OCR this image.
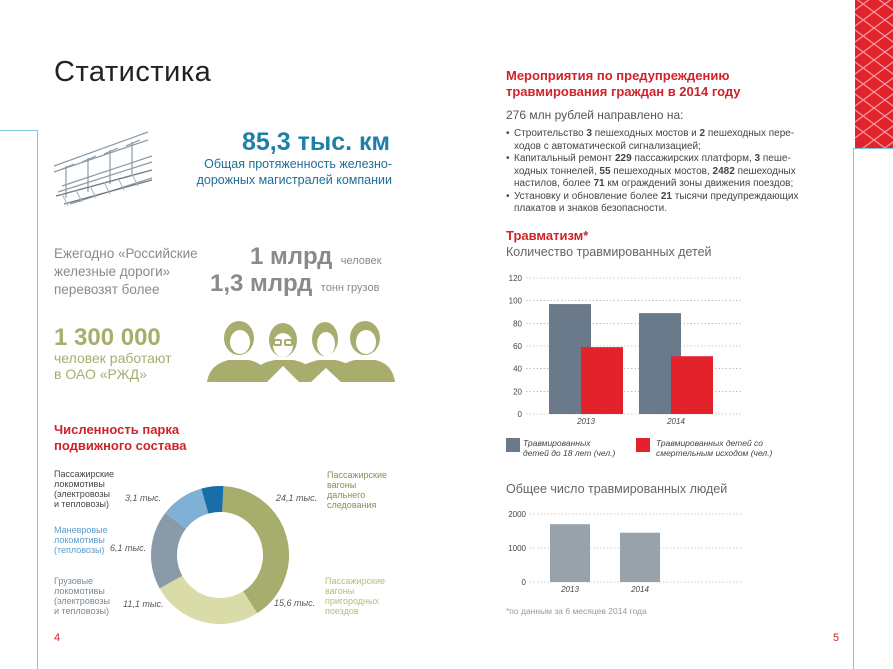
Статистика
85,3 тыс. км
Общая протяженность железно-
дорожных магистралей компании
Ежегодно «Российские
железные дороги»
перевозят более
1 млрд человек
1,3 млрд тонн грузов
1 300 000
человек работают
в ОАО «РЖД»
Численность парка
подвижного состава
Пассажирские
вагоны
дальнего
следования
24,1 тыс.
Пассажирские
вагоны
пригородных
поездов
15,6 тыс.
Грузовые
локомотивы
(электровозы
и тепловозы)
11,1 тыс.
Маневровые
локомотивы
(тепловозы) 6,1 тыс.
Пассажирские
локомотивы
(электровозы
и тепловозы)
3,1 тыс.
4
Мероприятия по предупреждению
травмирования граждан в 2014 году
276 млн рублей направлено на:
• Строительство 3 пешеходных мостов и 2 пешеходных пере-
ходов с автоматической сигнализацией;
• Капитальный ремонт 229 пассажирских платформ, 3 пеше-
ходных тоннелей, 55 пешеходных мостов, 2482 пешеходных
настилов, более 71 км ограждений зоны движения поездов;
• Установку и обновление более 21 тысячи предупреждающих
плакатов и знаков безопасности.
Травматизм*
Количество травмированных детей
0
20
40
60
80
100
120
2013	2014
Травмированных
детей до 18 лет (чел.)
Травмированных детей со
смертельным исходом (чел.)
Общее число травмированных людей
0
1000
2000
2013	2014
*по данным за 6 месяцев 2014 года
5
